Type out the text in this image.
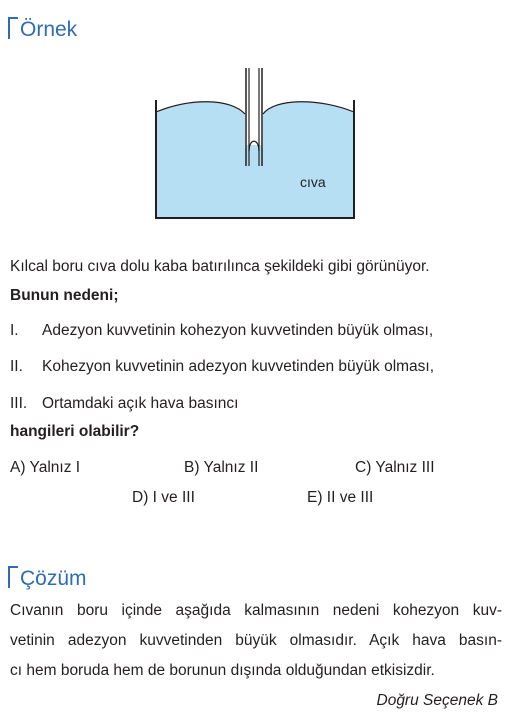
Örnek
cıva
Kılcal boru cıva dolu kaba batırılınca şekildeki gibi görünüyor.
Bunun nedeni;
I. Adezyon kuvvetinin kohezyon kuvvetinden büyük olması,
II. Kohezyon kuvvetinin adezyon kuvvetinden büyük olması,
III. Ortamdaki açık hava basıncı
hangileri olabilir?
A) Yalnız I	B) Yalnız II	C) Yalnız III
D) I ve III	E) II ve III
Çözüm
Cıvanın boru içinde aşağıda kalmasının nedeni kohezyon kuv-
vetinin adezyon kuvvetinden büyük olmasıdır. Açık hava basın-
cı hem boruda hem de borunun dışında olduğundan etkisizdir.
Doğru Seçenek B
